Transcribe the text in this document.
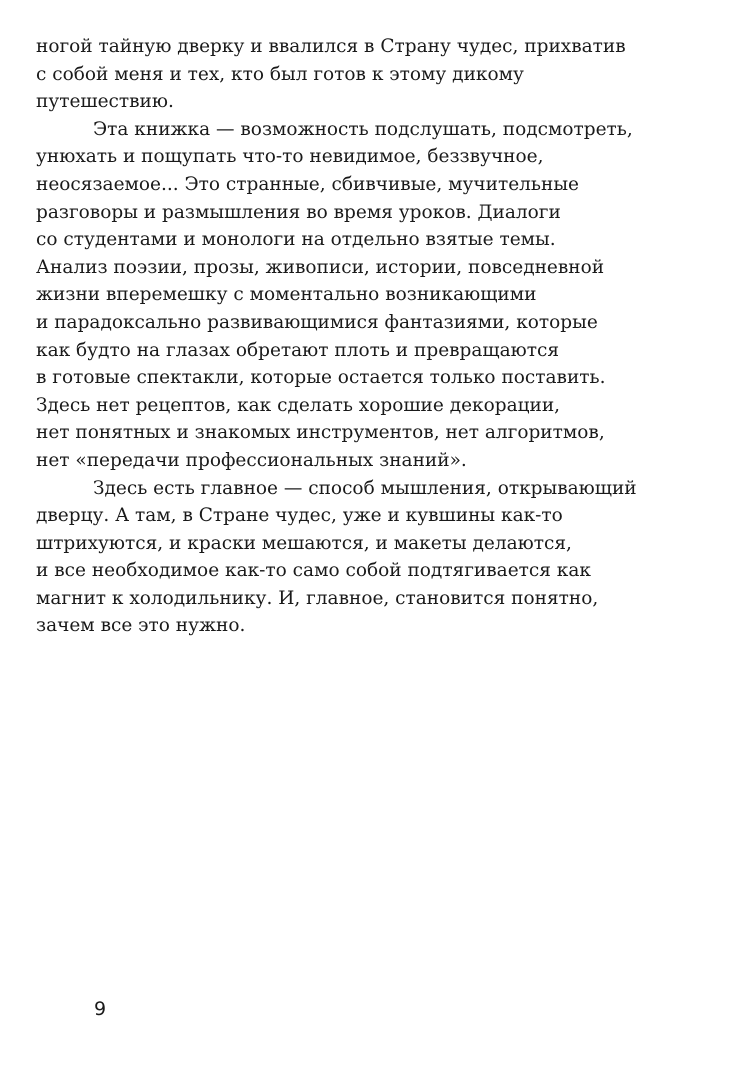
ногой тайную дверку и ввалился в Страну чудес, прихватив
с собой меня и тех, кто был готов к этому дикому
путешествию.
Эта книжка — возможность подслушать, подсмотреть,
унюхать и пощупать что-то невидимое, беззвучное,
неосязаемое... Это странные, сбивчивые, мучительные
разговоры и размышления во время уроков. Диалоги
со студентами и монологи на отдельно взятые темы.
Анализ поэзии, прозы, живописи, истории, повседневной
жизни вперемешку с моментально возникающими
и парадоксально развивающимися фантазиями, которые
как будто на глазах обретают плоть и превращаются
в готовые спектакли, которые остается только поставить.
Здесь нет рецептов, как сделать хорошие декорации,
нет понятных и знакомых инструментов, нет алгоритмов,
нет «передачи профессиональных знаний».
Здесь есть главное — способ мышления, открывающий
дверцу. А там, в Стране чудес, уже и кувшины как-то
штрихуются, и краски мешаются, и макеты делаются,
и все необходимое как-то само собой подтягивается как
магнит к холодильнику. И, главное, становится понятно,
зачем все это нужно.
9
